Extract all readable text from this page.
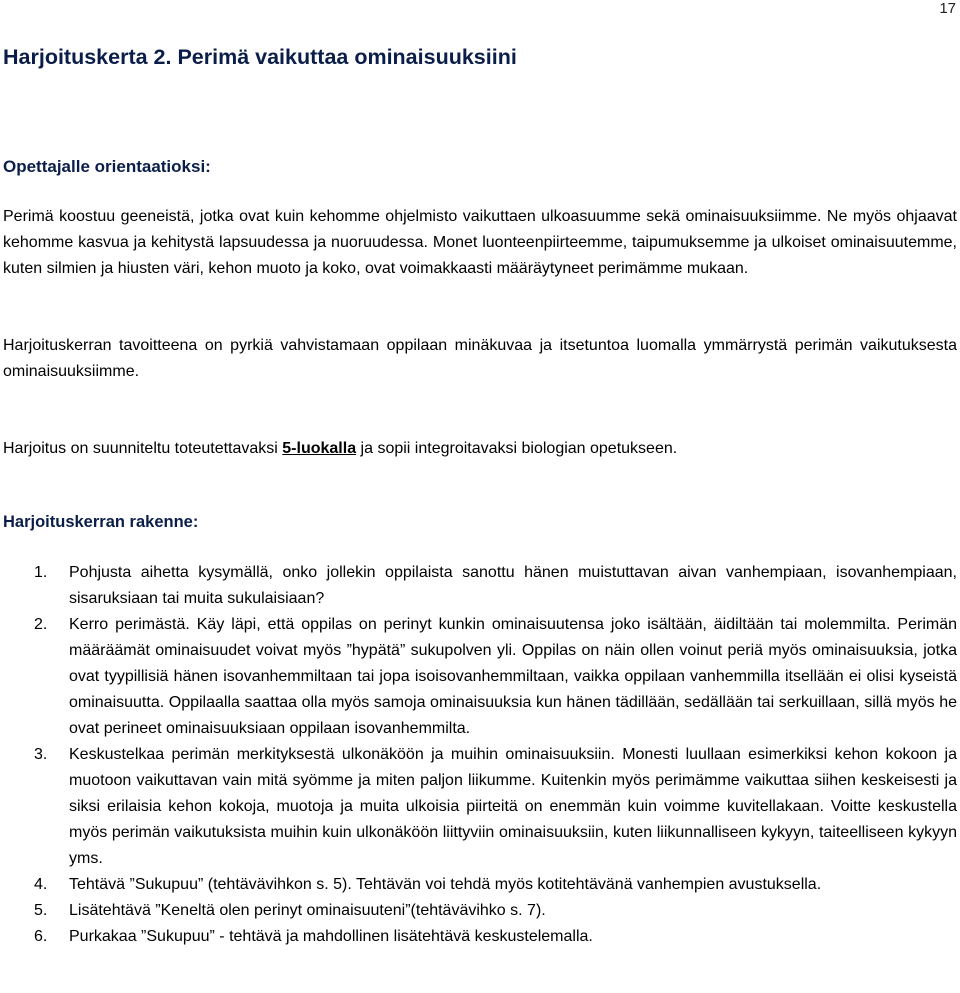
17
Harjoituskerta 2. Perimä vaikuttaa ominaisuuksiini
Opettajalle orientaatioksi:

Perimä koostuu geeneistä, jotka ovat kuin kehomme ohjelmisto vaikuttaen ulkoasuumme sekä ominaisuuksiimme. Ne myös ohjaavat kehomme kasvua ja kehitystä lapsuudessa ja nuoruudessa. Monet luonteenpiirteemme, taipumuksemme ja ulkoiset ominaisuutemme, kuten silmien ja hiusten väri, kehon muoto ja koko, ovat voimakkaasti määräytyneet perimämme mukaan.

Harjoituskerran tavoitteena on pyrkiä vahvistamaan oppilaan minäkuvaa ja itsetuntoa luomalla ymmärrystä perimän vaikutuksesta ominaisuuksiimme.

Harjoitus on suunniteltu toteutettavaksi 5-luokalla ja sopii integroitavaksi biologian opetukseen.

Harjoituskerran rakenne:
1. Pohjusta aihetta kysymällä, onko jollekin oppilaista sanottu hänen muistuttavan aivan vanhempiaan, isovanhempiaan, sisaruksiaan tai muita sukulaisiaan?
2. Kerro perimästä. Käy läpi, että oppilas on perinyt kunkin ominaisuutensa joko isältään, äidiltään tai molemmilta. Perimän määräämät ominaisuudet voivat myös ”hypätä” sukupolven yli. Oppilas on näin ollen voinut periä myös ominaisuuksia, jotka ovat tyypillisiä hänen isovanhemmiltaan tai jopa isoisovanhemmiltaan, vaikka oppilaan vanhemmilla itsellään ei olisi kyseistä ominaisuutta. Oppilaalla saattaa olla myös samoja ominaisuuksia kun hänen tädillään, sedällään tai serkuillaan, sillä myös he ovat perineet ominaisuuksiaan oppilaan isovanhemmilta.
3. Keskustelkaa perimän merkityksestä ulkonäköön ja muihin ominaisuuksiin. Monesti luullaan esimerkiksi kehon kokoon ja muotoon vaikuttavan vain mitä syömme ja miten paljon liikumme. Kuitenkin myös perimämme vaikuttaa siihen keskeisesti ja siksi erilaisia kehon kokoja, muotoja ja muita ulkoisia piirteitä on enemmän kuin voimme kuvitellakaan. Voitte keskustella myös perimän vaikutuksista muihin kuin ulkonäköön liittyviin ominaisuuksiin, kuten liikunnalliseen kykyyn, taiteelliseen kykyyn yms.
4. Tehtävä ”Sukupuu” (tehtävävihkon s. 5). Tehtävän voi tehdä myös kotitehtävänä vanhempien avustuksella.
5. Lisätehtävä ”Keneltä olen perinyt ominaisuuteni”(tehtävävihko s. 7).
6. Purkakaa ”Sukupuu” - tehtävä ja mahdollinen lisätehtävä keskustelemalla.
